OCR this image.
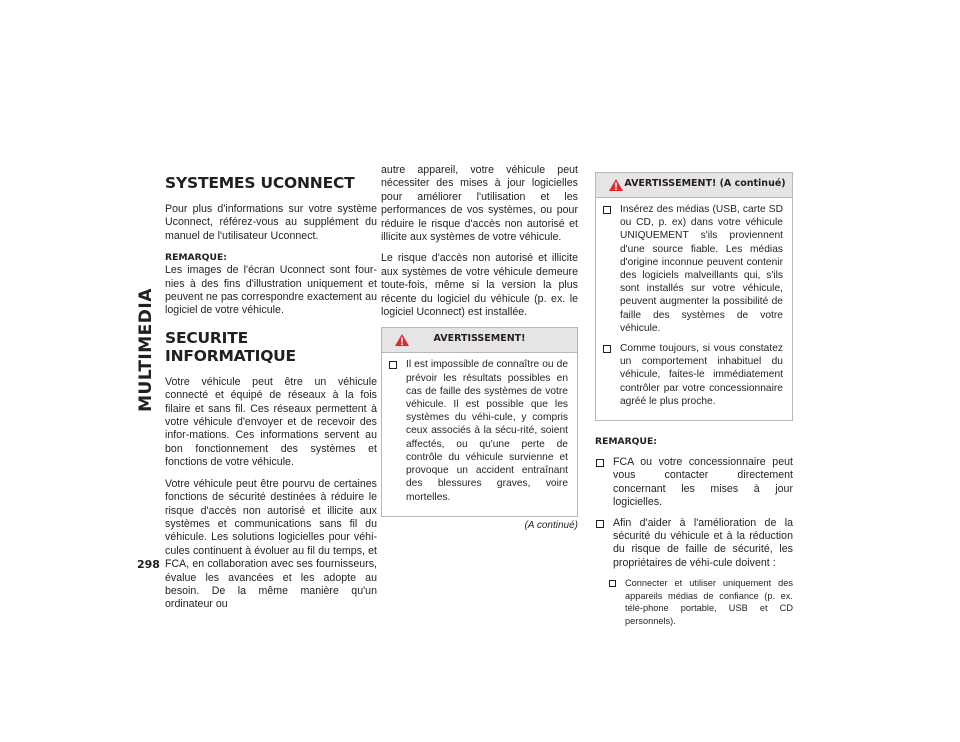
MULTIMEDIA
298
SYSTEMES UCONNECT

Pour plus d'informations sur votre système Uconnect, référez-vous au supplément du manuel de l'utilisateur Uconnect.

REMARQUE:

Les images de l'écran Uconnect sont four-nies à des fins d'illustration uniquement et peuvent ne pas correspondre exactement au logiciel de votre véhicule.

SECURITE INFORMATIQUE

Votre véhicule peut être un véhicule connecté et équipé de réseaux à la fois filaire et sans fil. Ces réseaux permettent à votre véhicule d'envoyer et de recevoir des infor-mations. Ces informations servent au bon fonctionnement des systèmes et fonctions de votre véhicule.

Votre véhicule peut être pourvu de certaines fonctions de sécurité destinées à réduire le risque d'accès non autorisé et illicite aux systèmes et communications sans fil du véhicule. Les solutions logicielles pour véhi-cules continuent à évoluer au fil du temps, et FCA, en collaboration avec ses fournisseurs, évalue les avancées et les adopte au besoin. De la même manière qu'un ordinateur ou

autre appareil, votre véhicule peut nécessiter des mises à jour logicielles pour améliorer l'utilisation et les performances de vos systèmes, ou pour réduire le risque d'accès non autorisé et illicite aux systèmes de votre véhicule.

Le risque d'accès non autorisé et illicite aux systèmes de votre véhicule demeure toute-fois, même si la version la plus récente du logiciel du véhicule (p. ex. le logiciel Uconnect) est installée.

AVERTISSEMENT!

Il est impossible de connaître ou de prévoir les résultats possibles en cas de faille des systèmes de votre véhicule. Il est possible que les systèmes du véhi-cule, y compris ceux associés à la sécu-rité, soient affectés, ou qu'une perte de contrôle du véhicule survienne et provoque un accident entraînant des blessures graves, voire mortelles.

(A continué)
AVERTISSEMENT! (A continué)

Insérez des médias (USB, carte SD ou CD, p. ex) dans votre véhicule UNIQUEMENT s'ils proviennent d'une source fiable. Les médias d'origine inconnue peuvent contenir des logiciels malveillants qui, s'ils sont installés sur votre véhicule, peuvent augmenter la possibilité de faille des systèmes de votre véhicule.

Comme toujours, si vous constatez un comportement inhabituel du véhicule, faites-le immédiatement contrôler par votre concessionnaire agréé le plus proche.

REMARQUE:

FCA ou votre concessionnaire peut vous contacter directement concernant les mises à jour logicielles.

Afin d'aider à l'amélioration de la sécurité du véhicule et à la réduction du risque de faille de sécurité, les propriétaires de véhi-cule doivent :

Connecter et utiliser uniquement des appareils médias de confiance (p. ex. télé-phone portable, USB et CD personnels).
